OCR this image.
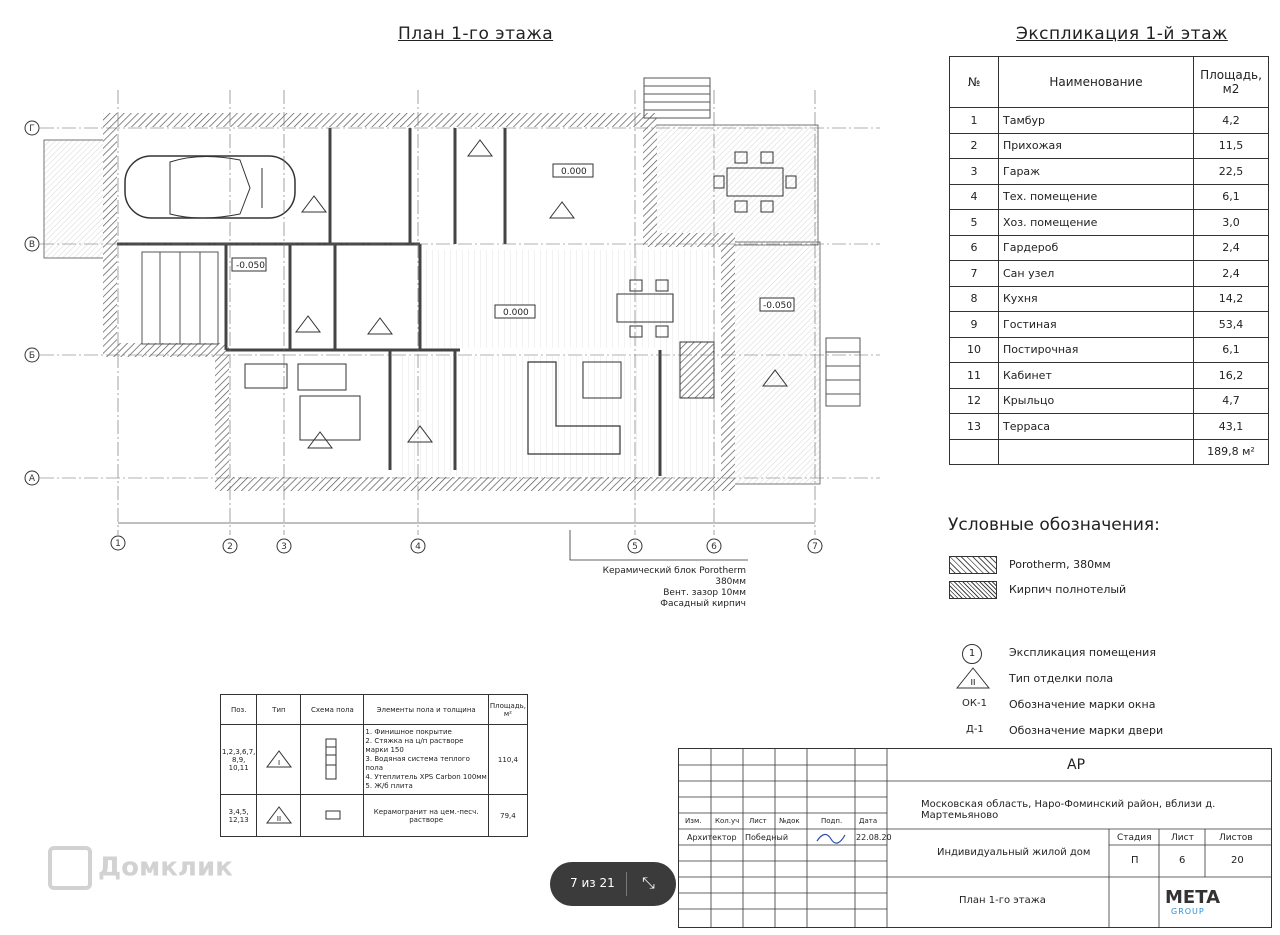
План 1-го этажа
Г
В
Б
А
1	2	3	4	5	6	7
-0.050
0.000
0.000
-0.050
Керамический блок Porotherm 380мм
Вент. зазор 10мм
Фасадный кирпич
Экспликация 1-й этаж
№	Наименование	Площадь, м2
1	Тамбур	4,2
2	Прихожая	11,5
3	Гараж	22,5
4	Тех. помещение	6,1
5	Хоз. помещение	3,0
6	Гардероб	2,4
7	Сан узел	2,4
8	Кухня	14,2
9	Гостиная	53,4
10	Постирочная	6,1
11	Кабинет	16,2
12	Крыльцо	4,7
13	Терраса	43,1
		189,8 м²
Условные обозначения:
Porotherm, 380мм
Кирпич полнотелый
1	Экспликация помещения
II	Тип отделки пола
ОК-1 Обозначение марки окна
Д-1 Обозначение марки двери
Поз.	Тип	Схема пола	Элементы пола и толщина	Площадь, м²
1,2,3,6,7, 8,9, 10,11	I		1. Финишное покрытие
2. Стяжка на ц/п растворе марки 150
3. Водяная система теплого пола
4. Утеплитель XPS Carbon 100мм
5. Ж/б плита	110,4
3,4,5, 12,13	II		Керамогранит на цем.-песч. растворе	79,4
АР
Московская область, Наро-Фоминский район, вблизи д. Мартемьяново
Изм. Кол.уч Лист №док	Подп. Дата
Архитектор Победный	22.08.20
Индивидуальный жилой дом
Стадия Лист	Листов
П	6	20
План 1-го этажа	META
GROUP
Домклик
7 из 21 ⤡
